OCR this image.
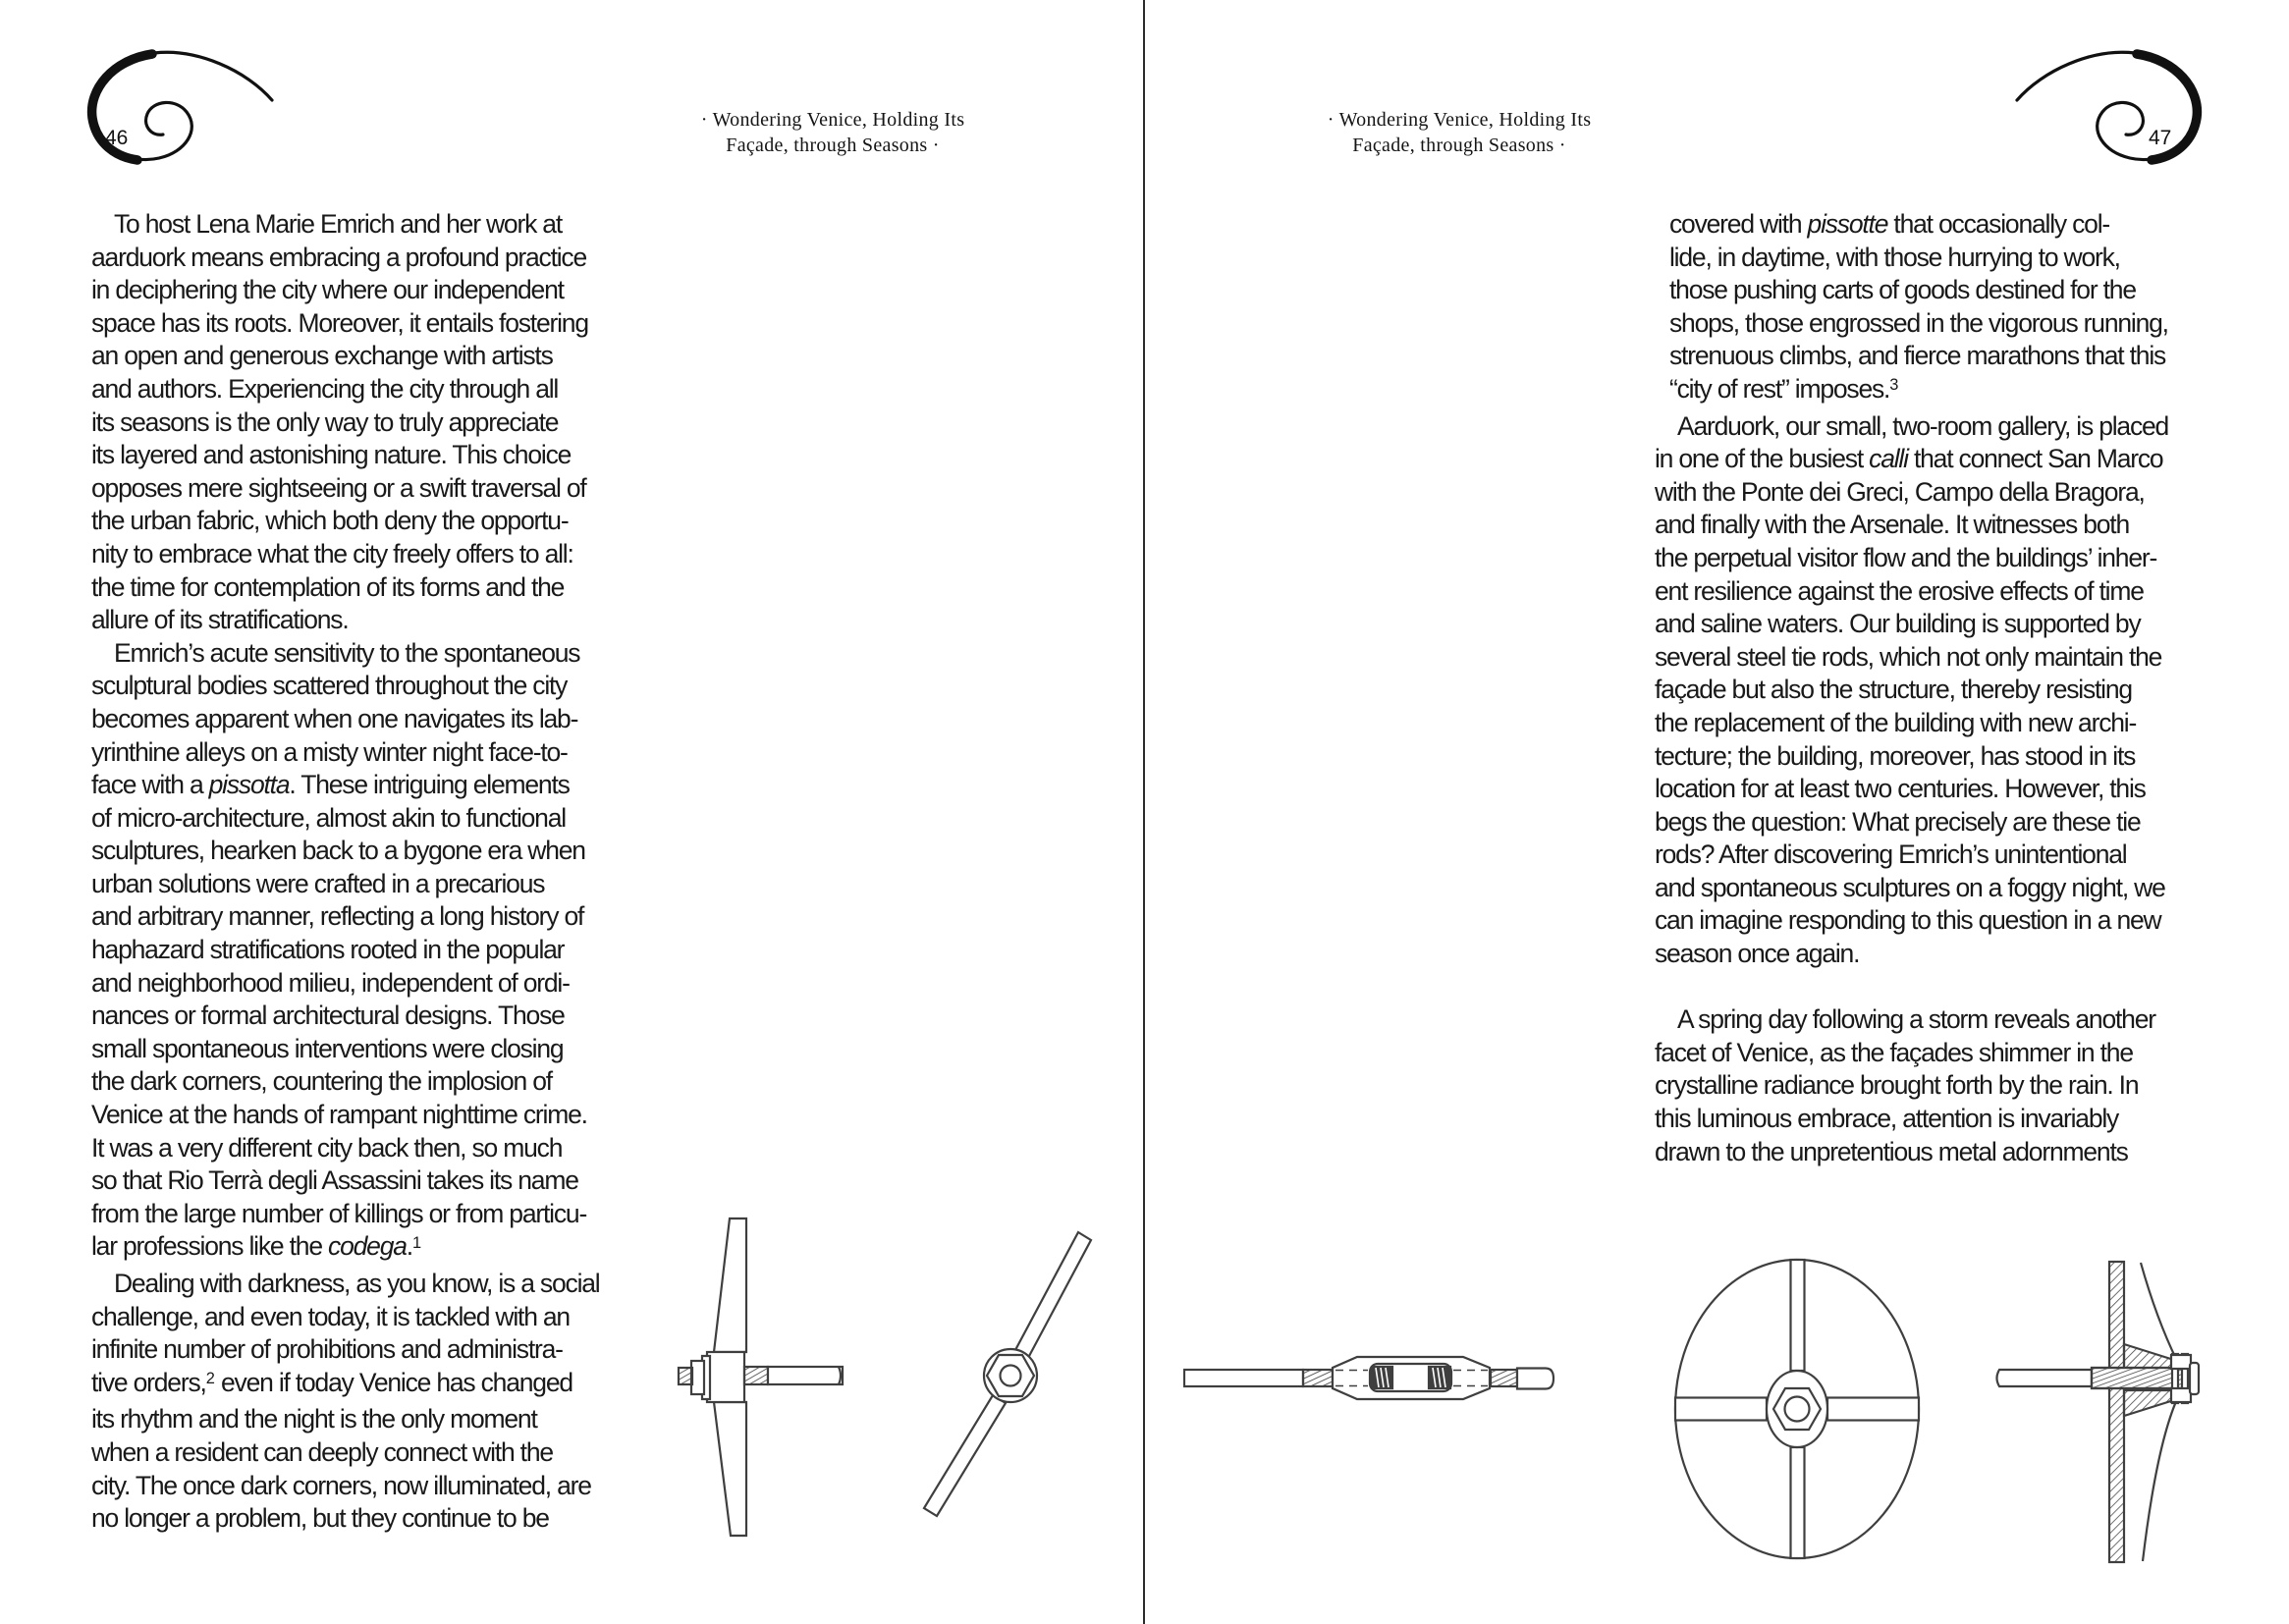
46	47
· Wondering Venice, Holding Its
Façade, through Seasons ·
· Wondering Venice, Holding Its
Façade, through Seasons ·
To host Lena Marie Emrich and her work at
aarduork means embracing a profound practice
in deciphering the city where our independent
space has its roots. Moreover, it entails fostering
an open and generous exchange with artists
and authors. Experiencing the city through all
its seasons is the only way to truly appreciate
its layered and astonishing nature. This choice
opposes mere sightseeing or a swift traversal of
the urban fabric, which both deny the opportu-
nity to embrace what the city freely offers to all:
the time for contemplation of its forms and the
allure of its stratifications.
Emrich’s acute sensitivity to the spontaneous
sculptural bodies scattered throughout the city
becomes apparent when one navigates its lab-
yrinthine alleys on a misty winter night face-to-
face with a pissotta. These intriguing elements
of micro-architecture, almost akin to functional
sculptures, hearken back to a bygone era when
urban solutions were crafted in a precarious
and arbitrary manner, reflecting a long history of
haphazard stratifications rooted in the popular
and neighborhood milieu, independent of ordi-
nances or formal architectural designs. Those
small spontaneous interventions were closing
the dark corners, countering the implosion of
Venice at the hands of rampant nighttime crime.
It was a very different city back then, so much
so that Rio Terrà degli Assassini takes its name
from the large number of killings or from particu-
lar professions like the codega.$^1$
Dealing with darkness, as you know, is a social
challenge, and even today, it is tackled with an
infinite number of prohibitions and administra-
tive orders,$^2$ even if today Venice has changed
its rhythm and the night is the only moment
when a resident can deeply connect with the
city. The once dark corners, now illuminated, are
no longer a problem, but they continue to be
covered with pissotte that occasionally col-
lide, in daytime, with those hurrying to work,
those pushing carts of goods destined for the
shops, those engrossed in the vigorous running,
strenuous climbs, and fierce marathons that this
“city of rest” imposes.$^3$
Aarduork, our small, two-room gallery, is placed
in one of the busiest calli that connect San Marco
with the Ponte dei Greci, Campo della Bragora,
and finally with the Arsenale. It witnesses both
the perpetual visitor flow and the buildings’ inher-
ent resilience against the erosive effects of time
and saline waters. Our building is supported by
several steel tie rods, which not only maintain the
façade but also the structure, thereby resisting
the replacement of the building with new archi-
tecture; the building, moreover, has stood in its
location for at least two centuries. However, this
begs the question: What precisely are these tie
rods? After discovering Emrich’s unintentional
and spontaneous sculptures on a foggy night, we
can imagine responding to this question in a new
season once again.
A spring day following a storm reveals another
facet of Venice, as the façades shimmer in the
crystalline radiance brought forth by the rain. In
this luminous embrace, attention is invariably
drawn to the unpretentious metal adornments
